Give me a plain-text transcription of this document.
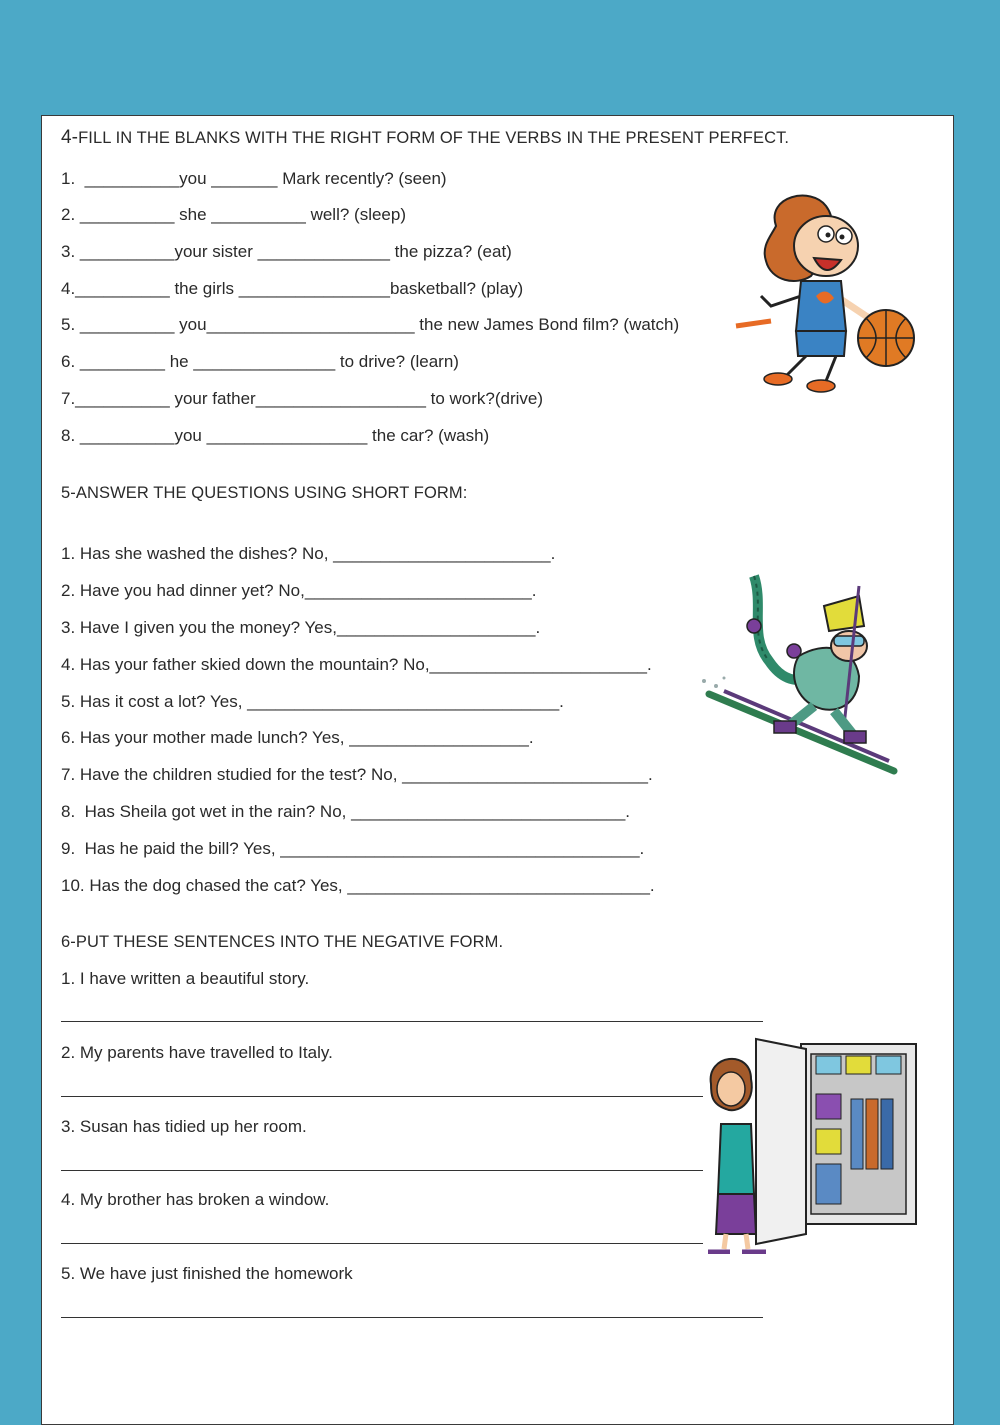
4-FILL IN THE BLANKS WITH THE RIGHT FORM OF THE VERBS IN THE PRESENT PERFECT.
1.  __________you _______ Mark recently? (seen)
2. __________ she __________ well? (sleep)
3. __________your sister ______________ the pizza? (eat)
4.__________ the girls ________________basketball? (play)
5. __________ you______________________ the new James Bond film? (watch)
6. _________ he _______________ to drive? (learn)
7.__________ your father__________________ to work?(drive)
8. __________you _________________ the car? (wash)
5-ANSWER THE QUESTIONS USING SHORT FORM:
1. Has she washed the dishes? No, _______________________.
2. Have you had dinner yet? No,________________________.
3. Have I given you the money? Yes,_____________________.
4. Has your father skied down the mountain? No,_______________________.
5. Has it cost a lot? Yes, _________________________________.
6. Has your mother made lunch? Yes, ___________________.
7. Have the children studied for the test? No, __________________________.
8.  Has Sheila got wet in the rain? No, _____________________________.
9.  Has he paid the bill? Yes, ______________________________________.
10. Has the dog chased the cat? Yes, ________________________________.
6-PUT THESE SENTENCES INTO THE NEGATIVE FORM.
1. I have written a beautiful story.
2. My parents have travelled to Italy.
3. Susan has tidied up her room.
4. My brother has broken a window.
5. We have just finished the homework
